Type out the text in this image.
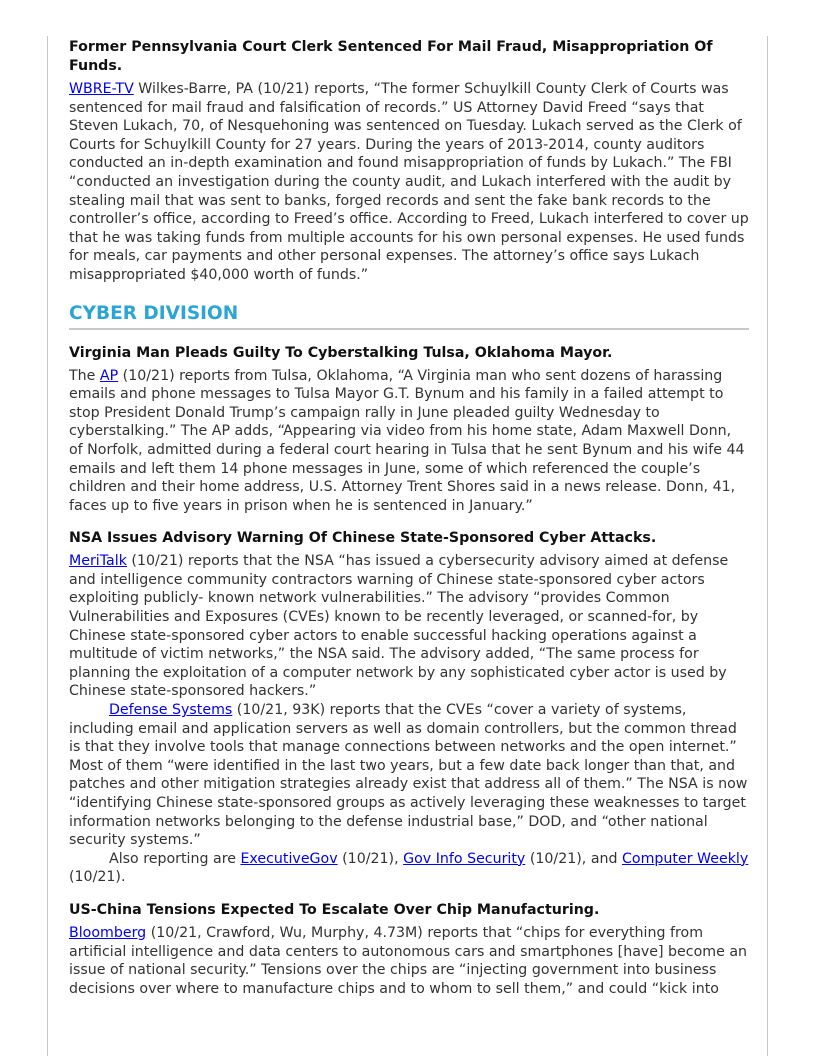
Former Pennsylvania Court Clerk Sentenced For Mail Fraud, Misappropriation Of Funds.

WBRE-TV Wilkes-Barre, PA (10/21) reports, “The former Schuylkill County Clerk of Courts was sentenced for mail fraud and falsification of records.” US Attorney David Freed “says that Steven Lukach, 70, of Nesquehoning was sentenced on Tuesday. Lukach served as the Clerk of Courts for Schuylkill County for 27 years. During the years of 2013-2014, county auditors conducted an in-depth examination and found misappropriation of funds by Lukach.” The FBI “conducted an investigation during the county audit, and Lukach interfered with the audit by stealing mail that was sent to banks, forged records and sent the fake bank records to the controller’s office, according to Freed’s office. According to Freed, Lukach interfered to cover up that he was taking funds from multiple accounts for his own personal expenses. He used funds for meals, car payments and other personal expenses. The attorney’s office says Lukach misappropriated $40,000 worth of funds.”

CYBER DIVISION
Virginia Man Pleads Guilty To Cyberstalking Tulsa, Oklahoma Mayor.

The AP (10/21) reports from Tulsa, Oklahoma, “A Virginia man who sent dozens of harassing emails and phone messages to Tulsa Mayor G.T. Bynum and his family in a failed attempt to stop President Donald Trump’s campaign rally in June pleaded guilty Wednesday to cyberstalking.” The AP adds, “Appearing via video from his home state, Adam Maxwell Donn, of Norfolk, admitted during a federal court hearing in Tulsa that he sent Bynum and his wife 44 emails and left them 14 phone messages in June, some of which referenced the couple’s children and their home address, U.S. Attorney Trent Shores said in a news release. Donn, 41, faces up to five years in prison when he is sentenced in January.”

NSA Issues Advisory Warning Of Chinese State-Sponsored Cyber Attacks.

MeriTalk (10/21) reports that the NSA “has issued a cybersecurity advisory aimed at defense and intelligence community contractors warning of Chinese state-sponsored cyber actors exploiting publicly- known network vulnerabilities.” The advisory “provides Common Vulnerabilities and Exposures (CVEs) known to be recently leveraged, or scanned-for, by Chinese state-sponsored cyber actors to enable successful hacking operations against a multitude of victim networks,” the NSA said. The advisory added, “The same process for planning the exploitation of a computer network by any sophisticated cyber actor is used by Chinese state-sponsored hackers.”

Defense Systems (10/21, 93K) reports that the CVEs “cover a variety of systems, including email and application servers as well as domain controllers, but the common thread is that they involve tools that manage connections between networks and the open internet.” Most of them “were identified in the last two years, but a few date back longer than that, and patches and other mitigation strategies already exist that address all of them.” The NSA is now “identifying Chinese state-sponsored groups as actively leveraging these weaknesses to target information networks belonging to the defense industrial base,” DOD, and “other national security systems.”

Also reporting are ExecutiveGov (10/21), Gov Info Security (10/21), and Computer Weekly (10/21).

US-China Tensions Expected To Escalate Over Chip Manufacturing.

Bloomberg (10/21, Crawford, Wu, Murphy, 4.73M) reports that “chips for everything from artificial intelligence and data centers to autonomous cars and smartphones [have] become an issue of national security.” Tensions over the chips are “injecting government into business decisions over where to manufacture chips and to whom to sell them,” and could “kick into
